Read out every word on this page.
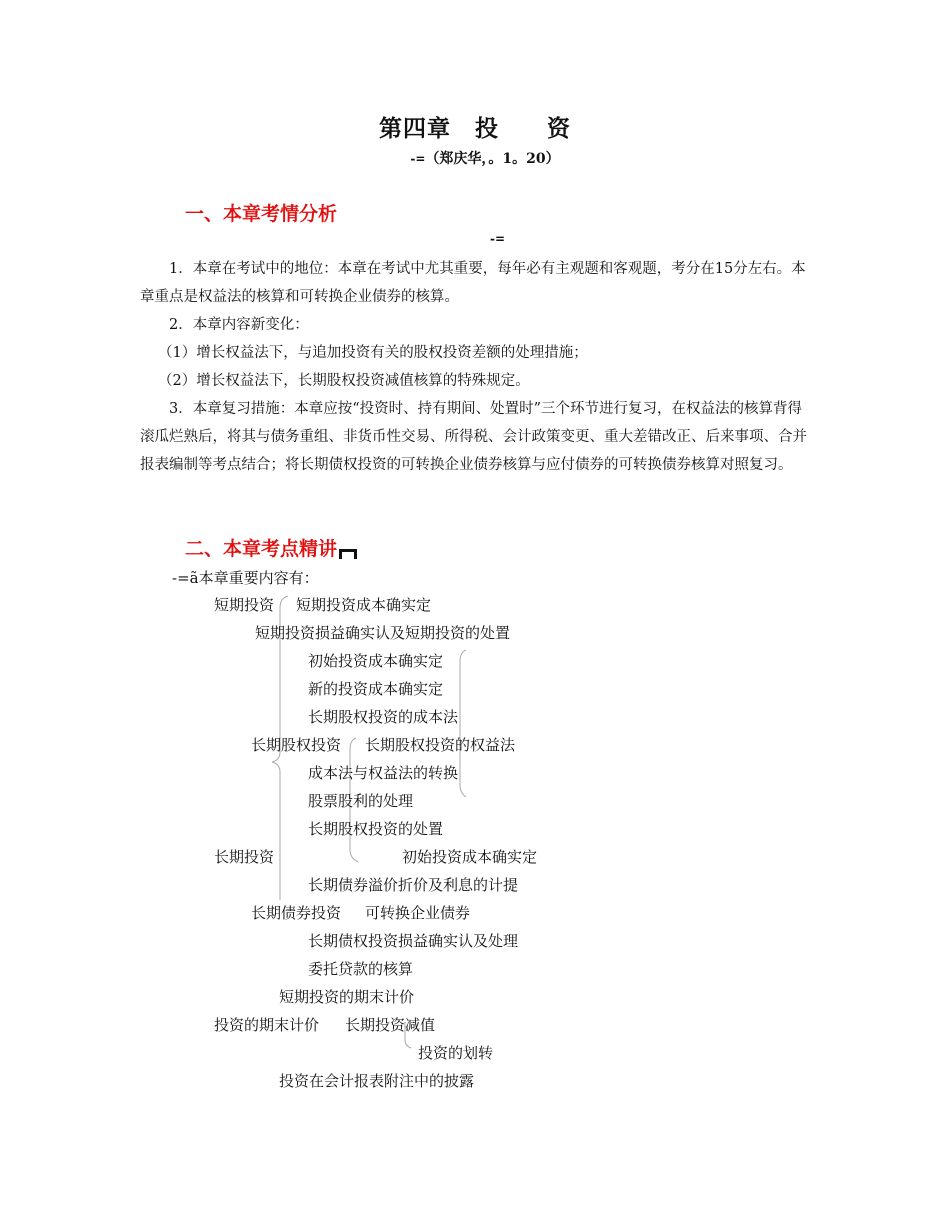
第四章　投　　资
-=（郑庆华，。1。20）
一、本章考情分析
-=

1．本章在考试中的地位：本章在考试中尤其重要，每年必有主观题和客观题，考分在15分左右。本章重点是权益法的核算和可转换企业债券的核算。

2．本章内容新变化：

（1）增长权益法下，与追加投资有关的股权投资差额的处理措施；

（2）增长权益法下，长期股权投资减值核算的特殊规定。

3．本章复习措施：本章应按“投资时、持有期间、处置时”三个环节进行复习，在权益法的核算背得滚瓜烂熟后，将其与债务重组、非货币性交易、所得税、会计政策变更、重大差错改正、后来事项、合并报表编制等考点结合；将长期债权投资的可转换企业债券核算与应付债券的可转换债券核算对照复习。

二、本章考点精讲
-=ã本章重要内容有：
短期投资 短期投资成本确实定
短期投资损益确实认及短期投资的处置
初始投资成本确实定
新的投资成本确实定
长期股权投资的成本法
长期股权投资 长期股权投资的权益法
成本法与权益法的转换
股票股利的处理
长期股权投资的处置
长期投资	初始投资成本确实定
长期债券溢价折价及利息的计提
长期债券投资 可转换企业债券
长期债权投资损益确实认及处理
委托贷款的核算
短期投资的期末计价
投资的期末计价 长期投资减值
投资的划转
投资在会计报表附注中的披露
